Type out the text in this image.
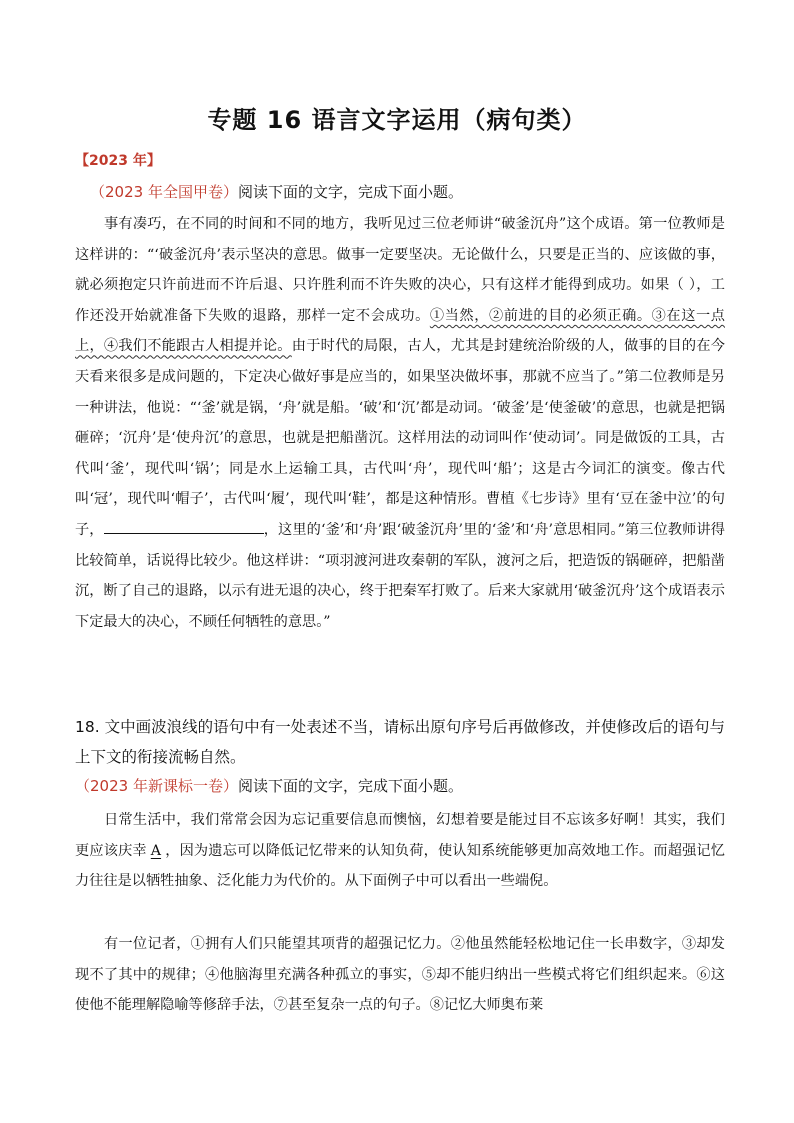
专题 16 语言文字运用（病句类）
【2023 年】
（2023 年全国甲卷）阅读下面的文字，完成下面小题。
事有凑巧，在不同的时间和不同的地方，我听见过三位老师讲“破釜沉舟”这个成语。第一位教师是这样讲的：“‘破釜沉舟’表示坚决的意思。做事一定要坚决。无论做什么，只要是正当的、应该做的事，就必须抱定只许前进而不许后退、只许胜利而不许失败的决心，只有这样才能得到成功。如果（ ），工作还没开始就准备下失败的退路，那样一定不会成功。①当然，②前进的目的必须正确。③在这一点上，④我们不能跟古人相提并论。由于时代的局限，古人，尤其是封建统治阶级的人，做事的目的在今天看来很多是成问题的，下定决心做好事是应当的，如果坚决做坏事，那就不应当了。”第二位教师是另一种讲法，他说：“‘釜’就是锅，‘舟’就是船。‘破’和‘沉’都是动词。‘破釜’是‘使釜破’的意思，也就是把锅砸碎；‘沉舟’是‘使舟沉’的意思，也就是把船凿沉。这样用法的动词叫作‘使动词’。同是做饭的工具，古代叫‘釜’，现代叫‘锅’；同是水上运输工具，古代叫‘舟’，现代叫‘船’；这是古今词汇的演变。像古代叫‘冠’，现代叫‘帽子’，古代叫‘履’，现代叫‘鞋’，都是这种情形。曹植《七步诗》里有‘豆在釜中泣’的句子，	，这里的‘釜’和‘舟’跟‘破釜沉舟’里的‘釜’和‘舟’意思相同。”第三位教师讲得比较简单，话说得比较少。他这样讲：“项羽渡河进攻秦朝的军队，渡河之后，把造饭的锅砸碎，把船凿沉，断了自己的退路，以示有进无退的决心，终于把秦军打败了。后来大家就用‘破釜沉舟’这个成语表示下定最大的决心，不顾任何牺牲的意思。”
18. 文中画波浪线的语句中有一处表述不当，请标出原句序号后再做修改，并使修改后的语句与上下文的衔接流畅自然。
（2023 年新课标一卷）阅读下面的文字，完成下面小题。
日常生活中，我们常常会因为忘记重要信息而懊恼，幻想着要是能过目不忘该多好啊！其实，我们更应该庆幸 A ，因为遗忘可以降低记忆带来的认知负荷，使认知系统能够更加高效地工作。而超强记忆力往往是以牺牲抽象、泛化能力为代价的。从下面例子中可以看出一些端倪。
有一位记者，①拥有人们只能望其项背的超强记忆力。②他虽然能轻松地记住一长串数字，③却发现不了其中的规律；④他脑海里充满各种孤立的事实，⑤却不能归纳出一些模式将它们组织起来。⑥这使他不能理解隐喻等修辞手法，⑦甚至复杂一点的句子。⑧记忆大师奥布莱
